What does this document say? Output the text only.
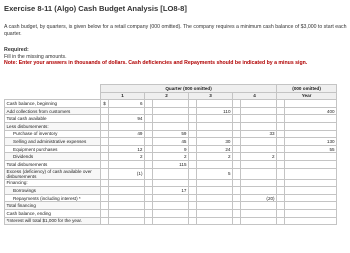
Exercise 8-11 (Algo) Cash Budget Analysis [LO8-8]
A cash budget, by quarters, is given below for a retail company (000 omitted). The company requires a minimum cash balance of $3,000 to start each quarter.
Required:
Fill in the missing amounts.
Note: Enter your answers in thousands of dollars. Cash deficiencies and Repayments should be indicated by a minus sign.
	Quarter (000 omitted)								(000 omitted)	
	1		2		3		4		Year	
Cash balance, beginning	$	6								
Add collections from customers						110				400
Total cash available		94								
Less disbursements:										
Purchase of inventory		49		59				33		
Selling and administrative expenses				45		30				130
Equipment purchases		12		9		24				55
Dividends		2		2		2		2		
Total disbursements				115						
Excess (deficiency) of cash available over disbursements		(1)				5				
Financing:										
Borrowings				17						
Repayments (including interest) *								(20)		
Total financing										
Cash balance, ending										
*Interest will total $1,000 for the year.										
